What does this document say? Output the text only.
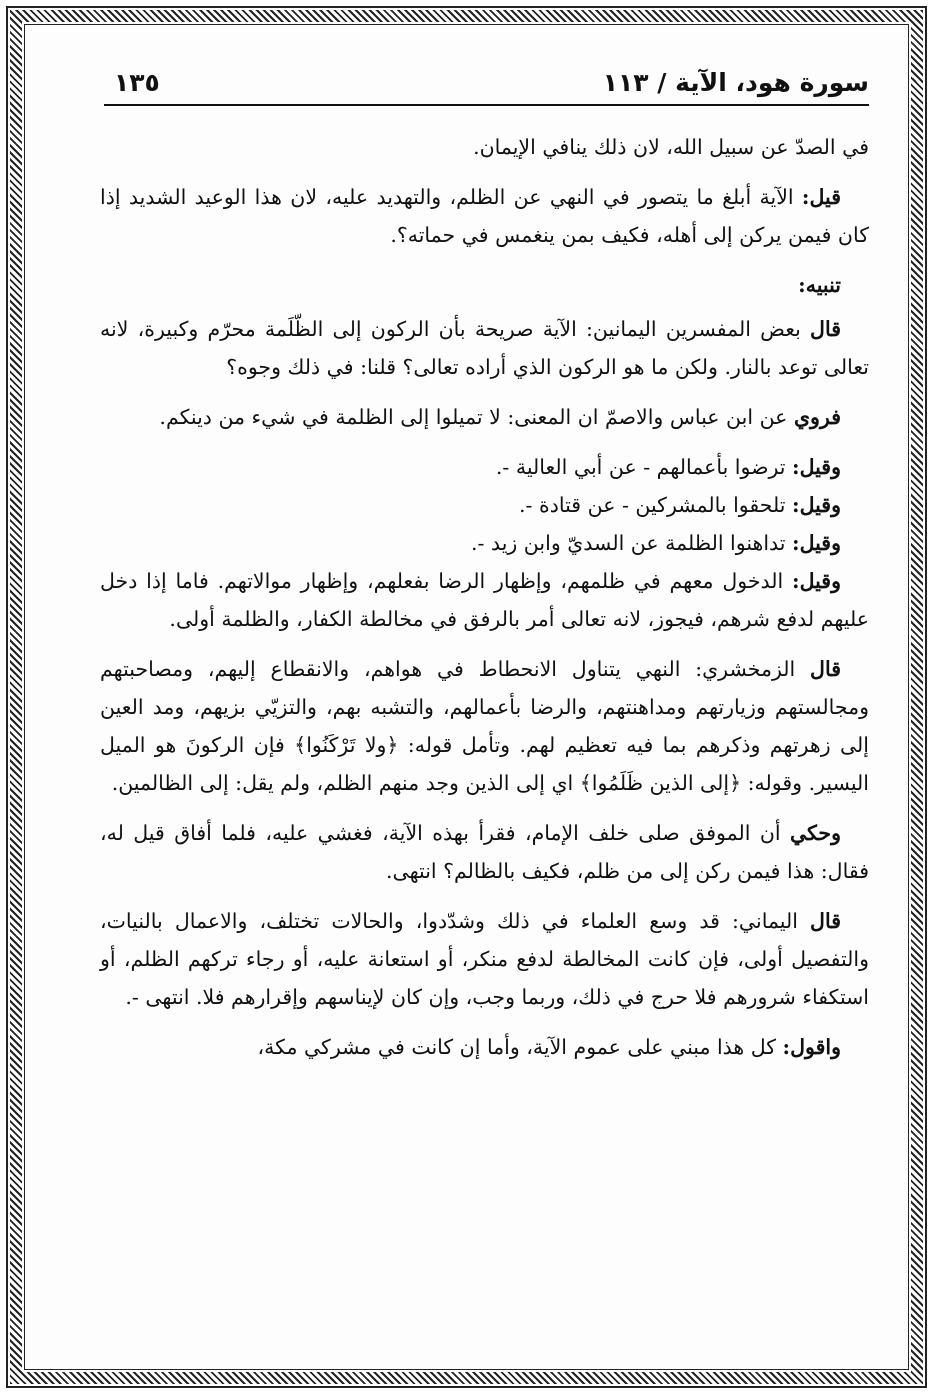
سورة هود، الآية / ١١٣
١٣٥

في الصدّ عن سبيل الله، لان ذلك ينافي الإيمان.

قيل: الآية أبلغ ما يتصور في النهي عن الظلم، والتهديد عليه، لان هذا الوعيد الشديد إذا كان فيمن يركن إلى أهله، فكيف بمن ينغمس في حماته؟.

تنبيه:

قال بعض المفسرين اليمانين: الآية صريحة بأن الركون إلى الظّلَمة محرّم وكبيرة، لانه تعالى توعد بالنار. ولكن ما هو الركون الذي أراده تعالى؟ قلنا: في ذلك وجوه؟

فروي عن ابن عباس والاصمّ ان المعنى: لا تميلوا إلى الظلمة في شيء من دينكم.

وقيل: ترضوا بأعمالهم - عن أبي العالية -.

وقيل: تلحقوا بالمشركين - عن قتادة -.

وقيل: تداهنوا الظلمة عن السديّ وابن زيد -.

وقيل: الدخول معهم في ظلمهم، وإظهار الرضا بفعلهم، وإظهار موالاتهم. فاما إذا دخل عليهم لدفع شرهم، فيجوز، لانه تعالى أمر بالرفق في مخالطة الكفار، والظلمة أولى.

قال الزمخشري: النهي يتناول الانحطاط في هواهم، والانقطاع إليهم، ومصاحبتهم ومجالستهم وزيارتهم ومداهنتهم، والرضا بأعمالهم، والتشبه بهم، والتزيّي بزيهم، ومد العين إلى زهرتهم وذكرهم بما فيه تعظيم لهم. وتأمل قوله: ﴿ولا تَرْكَنُوا﴾ فإن الركونَ هو الميل اليسير. وقوله: ﴿إلى الذين ظَلَمُوا﴾ اي إلى الذين وجد منهم الظلم، ولم يقل: إلى الظالمين.

وحكي أن الموفق صلى خلف الإمام، فقرأ بهذه الآية، فغشي عليه، فلما أفاق قيل له، فقال: هذا فيمن ركن إلى من ظلم، فكيف بالظالم؟ انتهى.

قال اليماني: قد وسع العلماء في ذلك وشدّدوا، والحالات تختلف، والاعمال بالنيات، والتفصيل أولى، فإن كانت المخالطة لدفع منكر، أو استعانة عليه، أو رجاء تركهم الظلم، أو استكفاء شرورهم فلا حرج في ذلك، وربما وجب، وإن كان لإيناسهم وإقرارهم فلا. انتهى -.

واقول: كل هذا مبني على عموم الآية، وأما إن كانت في مشركي مكة،
